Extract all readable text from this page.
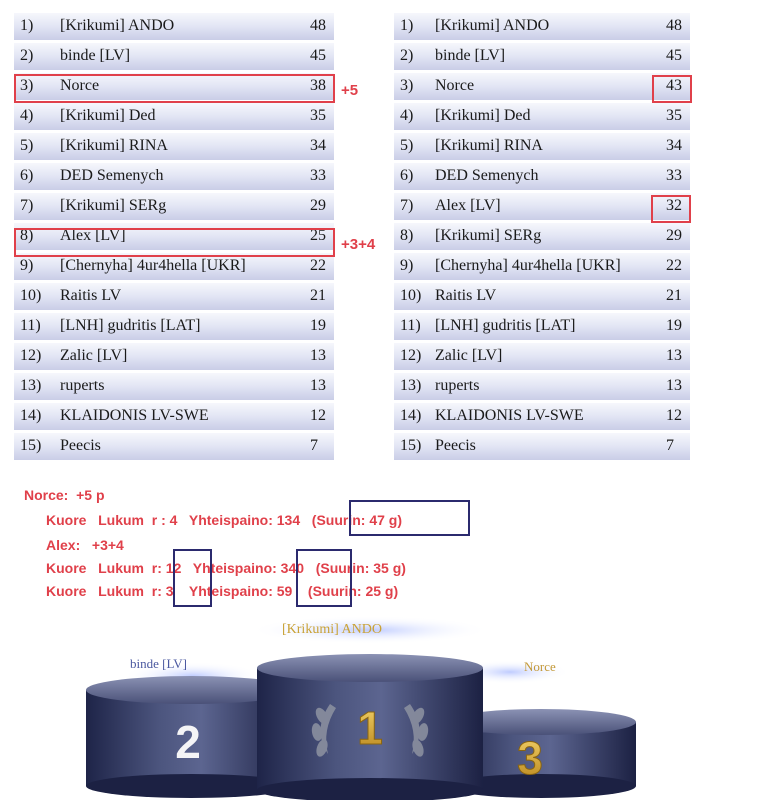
1) [Krikumi] ANDO	48
2) binde [LV]	45
3) Norce	38
4) [Krikumi] Ded	35
5) [Krikumi] RINA	34
6) DED Semenych	33
7) [Krikumi] SERg	29
8) Alex [LV]	25
9) [Chernyha] 4ur4hella [UKR]	22
10) Raitis LV	21
11) [LNH] gudritis [LAT]	19
12) Zalic [LV]	13
13) ruperts	13
14) KLAIDONIS LV-SWE	12
15) Peecis	7
1) [Krikumi] ANDO	48
2) binde [LV]	45
3) Norce	43
4) [Krikumi] Ded	35
5) [Krikumi] RINA	34
6) DED Semenych	33
7) Alex [LV]	32
8) [Krikumi] SERg	29
9) [Chernyha] 4ur4hella [UKR]	22
10) Raitis LV	21
11) [LNH] gudritis [LAT]	19
12) Zalic [LV]	13
13) ruperts	13
14) KLAIDONIS LV-SWE	12
15) Peecis	7
+5
+3+4
Norce:  +5 p
Kuore   Lukum  r : 4   Yhteispaino: 134   (Suurin: 47 g)
Alex:   +3+4
Kuore   Lukum  r: 12   Yhteispaino: 340   (Suurin: 35 g)
Kuore   Lukum  r: 3    Yhteispaino: 59    (Suurin: 25 g)
1
2	3
[Krikumi] ANDO
binde [LV]	Norce
